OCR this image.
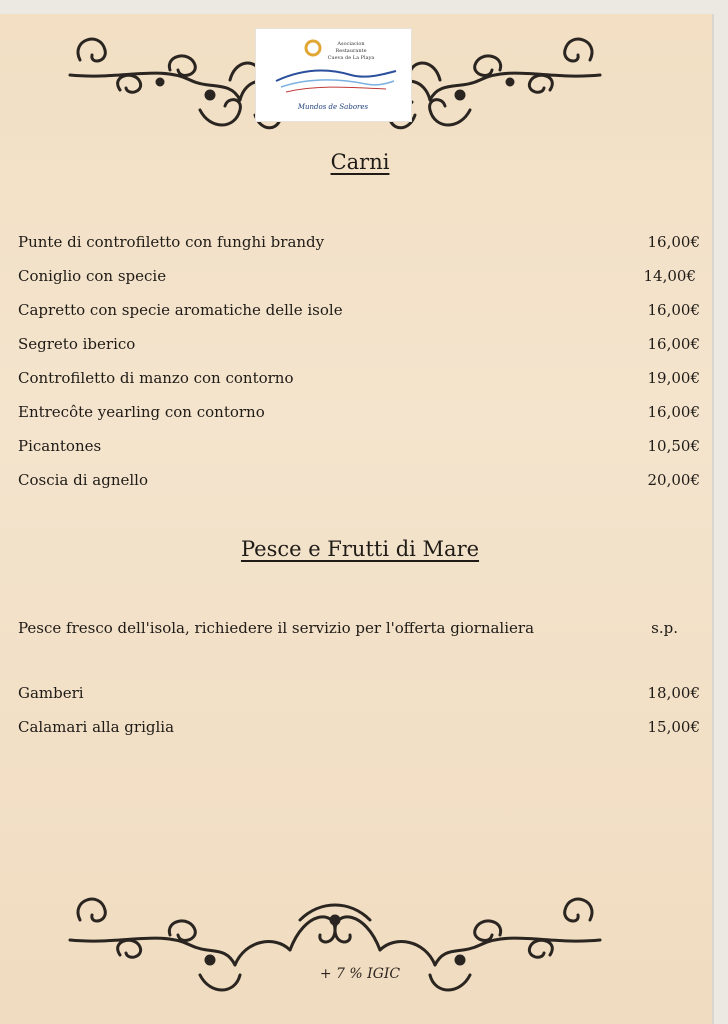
Asociacion
Restaurante
Cueva de La Playa
Mundos de Sabores
Carni
Punte di controfiletto con funghi brandy	16,00€
Coniglio con specie	14,00€
Capretto con specie aromatiche delle isole	16,00€
Segreto iberico	16,00€
Controfiletto di manzo con contorno	19,00€
Entrecôte yearling con contorno	16,00€
Picantones	10,50€
Coscia di agnello	20,00€
Pesce e Frutti di Mare
Pesce fresco dell'isola, richiedere il servizio per l'offerta giornaliera	s.p.
Gamberi	18,00€
Calamari alla griglia	15,00€
+ 7 % IGIC
